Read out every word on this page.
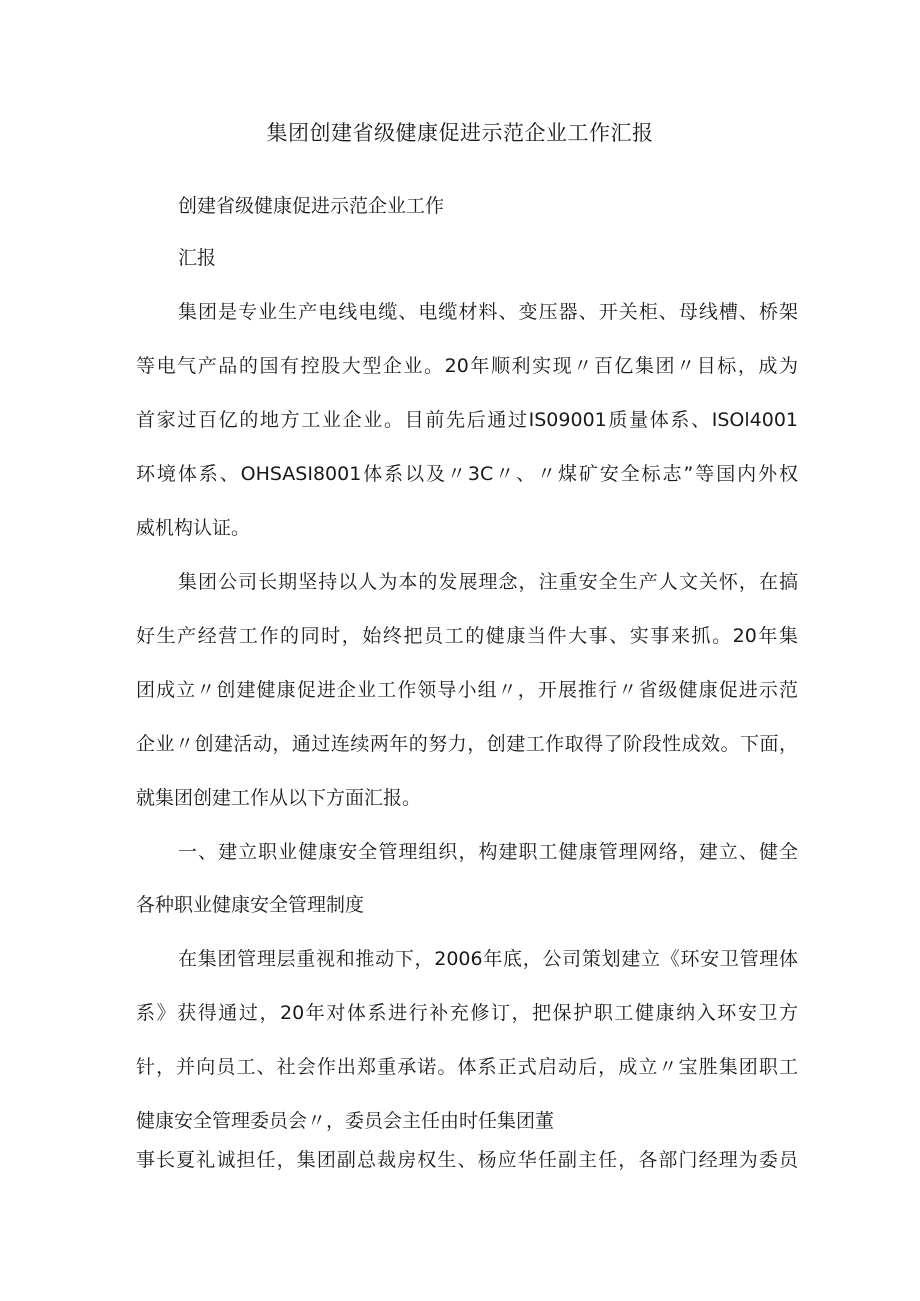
集团创建省级健康促进示范企业工作汇报
创建省级健康促进示范企业工作
汇报
集团是专业生产电线电缆、电缆材料、变压器、开关柜、母线槽、桥架
等电气产品的国有控股大型企业。20年顺利实现〃百亿集团〃目标，成为
首家过百亿的地方工业企业。目前先后通过IS09001质量体系、ISOl4001
环境体系、OHSASI8001体系以及〃3C〃、〃煤矿安全标志”等国内外权
威机构认证。
集团公司长期坚持以人为本的发展理念，注重安全生产人文关怀，在搞
好生产经营工作的同时，始终把员工的健康当件大事、实事来抓。20年集
团成立〃创建健康促进企业工作领导小组〃，开展推行〃省级健康促进示范
企业〃创建活动，通过连续两年的努力，创建工作取得了阶段性成效。下面，
就集团创建工作从以下方面汇报。
一、建立职业健康安全管理组织，构建职工健康管理网络，建立、健全
各种职业健康安全管理制度
在集团管理层重视和推动下，2006年底，公司策划建立《环安卫管理体
系》获得通过，20年对体系进行补充修订，把保护职工健康纳入环安卫方
针，并向员工、社会作出郑重承诺。体系正式启动后，成立〃宝胜集团职工
健康安全管理委员会〃，委员会主任由时任集团董
事长夏礼诚担任，集团副总裁房权生、杨应华任副主任，各部门经理为委员
